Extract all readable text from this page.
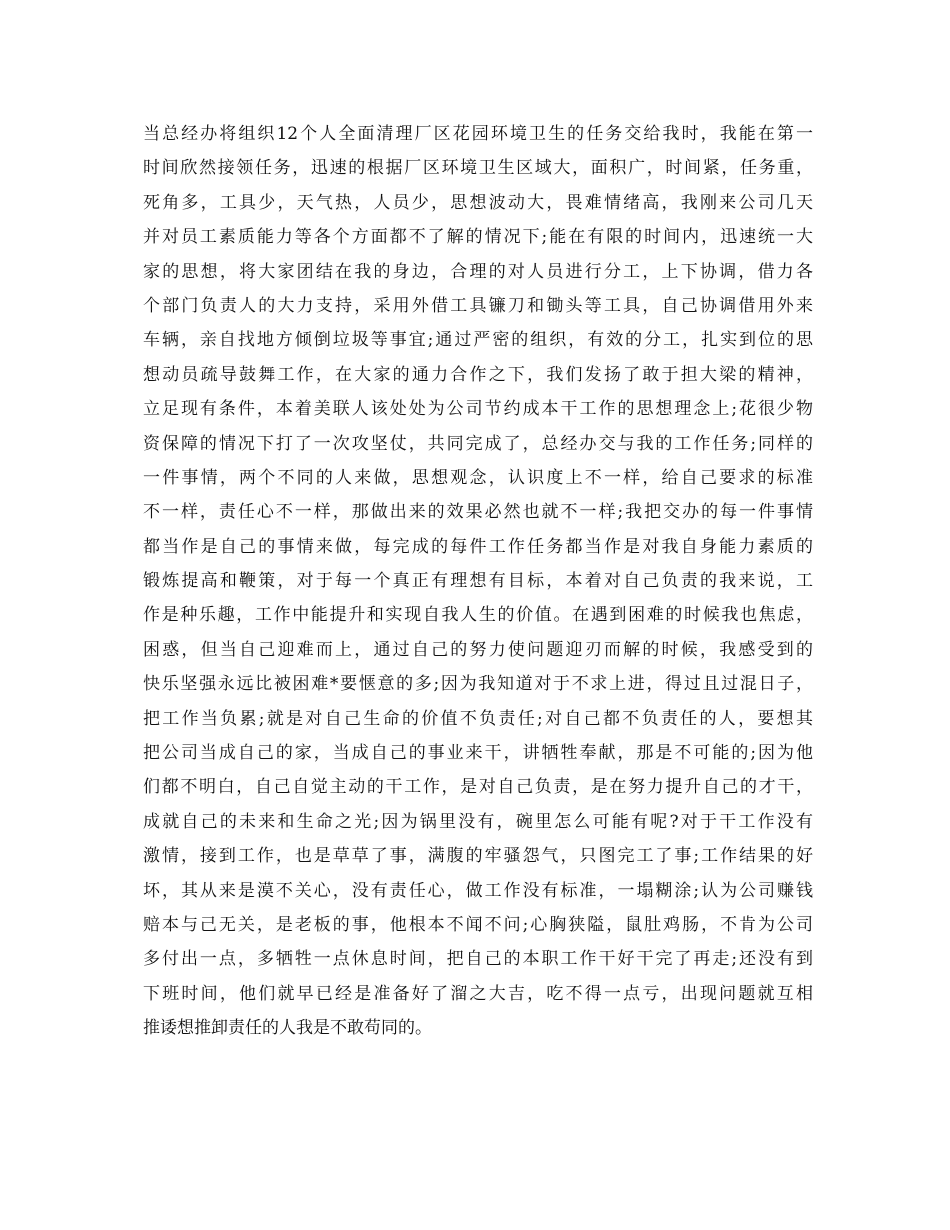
当总经办将组织12个人全面清理厂区花园环境卫生的任务交给我时，我能在第一
时间欣然接领任务，迅速的根据厂区环境卫生区域大，面积广，时间紧，任务重，
死角多，工具少，天气热，人员少，思想波动大，畏难情绪高，我刚来公司几天
并对员工素质能力等各个方面都不了解的情况下;能在有限的时间内，迅速统一大
家的思想，将大家团结在我的身边，合理的对人员进行分工，上下协调，借力各
个部门负责人的大力支持，采用外借工具镰刀和锄头等工具，自己协调借用外来
车辆，亲自找地方倾倒垃圾等事宜;通过严密的组织，有效的分工，扎实到位的思
想动员疏导鼓舞工作，在大家的通力合作之下，我们发扬了敢于担大梁的精神，
立足现有条件，本着美联人该处处为公司节约成本干工作的思想理念上;花很少物
资保障的情况下打了一次攻坚仗，共同完成了，总经办交与我的工作任务;同样的
一件事情，两个不同的人来做，思想观念，认识度上不一样，给自己要求的标准
不一样，责任心不一样，那做出来的效果必然也就不一样;我把交办的每一件事情
都当作是自己的事情来做，每完成的每件工作任务都当作是对我自身能力素质的
锻炼提高和鞭策，对于每一个真正有理想有目标，本着对自己负责的我来说，工
作是种乐趣，工作中能提升和实现自我人生的价值。在遇到困难的时候我也焦虑，
困惑，但当自己迎难而上，通过自己的努力使问题迎刃而解的时候，我感受到的
快乐坚强永远比被困难*要惬意的多;因为我知道对于不求上进，得过且过混日子，
把工作当负累;就是对自己生命的价值不负责任;对自己都不负责任的人，要想其
把公司当成自己的家，当成自己的事业来干，讲牺牲奉献，那是不可能的;因为他
们都不明白，自己自觉主动的干工作，是对自己负责，是在努力提升自己的才干，
成就自己的未来和生命之光;因为锅里没有，碗里怎么可能有呢?对于干工作没有
激情，接到工作，也是草草了事，满腹的牢骚怨气，只图完工了事;工作结果的好
坏，其从来是漠不关心，没有责任心，做工作没有标准，一塌糊涂;认为公司赚钱
赔本与己无关，是老板的事，他根本不闻不问;心胸狭隘，鼠肚鸡肠，不肯为公司
多付出一点，多牺牲一点休息时间，把自己的本职工作干好干完了再走;还没有到
下班时间，他们就早已经是准备好了溜之大吉，吃不得一点亏，出现问题就互相
推诿想推卸责任的人我是不敢苟同的。
